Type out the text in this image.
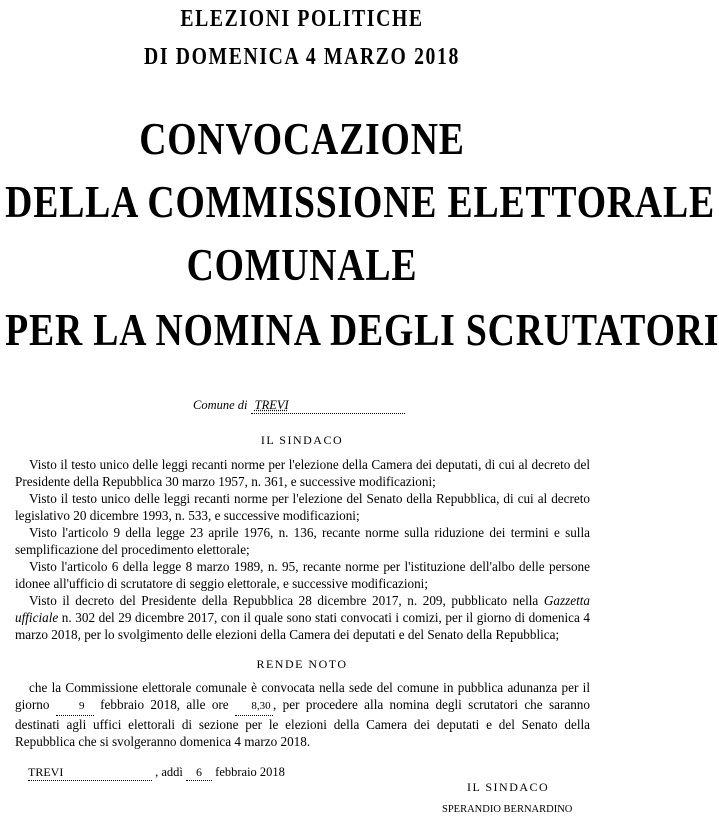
ELEZIONI POLITICHE
DI DOMENICA 4 MARZO 2018
CONVOCAZIONE
DELLA COMMISSIONE ELETTORALE
COMUNALE
PER LA NOMINA DEGLI SCRUTATORI
Comune di TREVI
IL SINDACO

Visto il testo unico delle leggi recanti norme per l'elezione della Camera dei deputati, di cui al decreto del Presidente della Repubblica 30 marzo 1957, n. 361, e successive modificazioni;

Visto il testo unico delle leggi recanti norme per l'elezione del Senato della Repubblica, di cui al decreto legislativo 20 dicembre 1993, n. 533, e successive modificazioni;

Visto l'articolo 9 della legge 23 aprile 1976, n. 136, recante norme sulla riduzione dei termini e sulla semplificazione del procedimento elettorale;

Visto l'articolo 6 della legge 8 marzo 1989, n. 95, recante norme per l'istituzione dell'albo delle persone idonee all'ufficio di scrutatore di seggio elettorale, e successive modificazioni;

Visto il decreto del Presidente della Repubblica 28 dicembre 2017, n. 209, pubblicato nella Gazzetta ufficiale n. 302 del 29 dicembre 2017, con il quale sono stati convocati i comizi, per il giorno di domenica 4 marzo 2018, per lo svolgimento delle elezioni della Camera dei deputati e del Senato della Repubblica;

RENDE NOTO

che la Commissione elettorale comunale è convocata nella sede del comune in pubblica adunanza per il giorno 9 febbraio 2018, alle ore 8,30 , per procedere alla nomina degli scrutatori che saranno destinati agli uffici elettorali di sezione per le elezioni della Camera dei deputati e del Senato della Repubblica che si svolgeranno domenica 4 marzo 2018.

TREVI	, addì 6 febbraio 2018
IL SINDACO
SPERANDIO BERNARDINO
